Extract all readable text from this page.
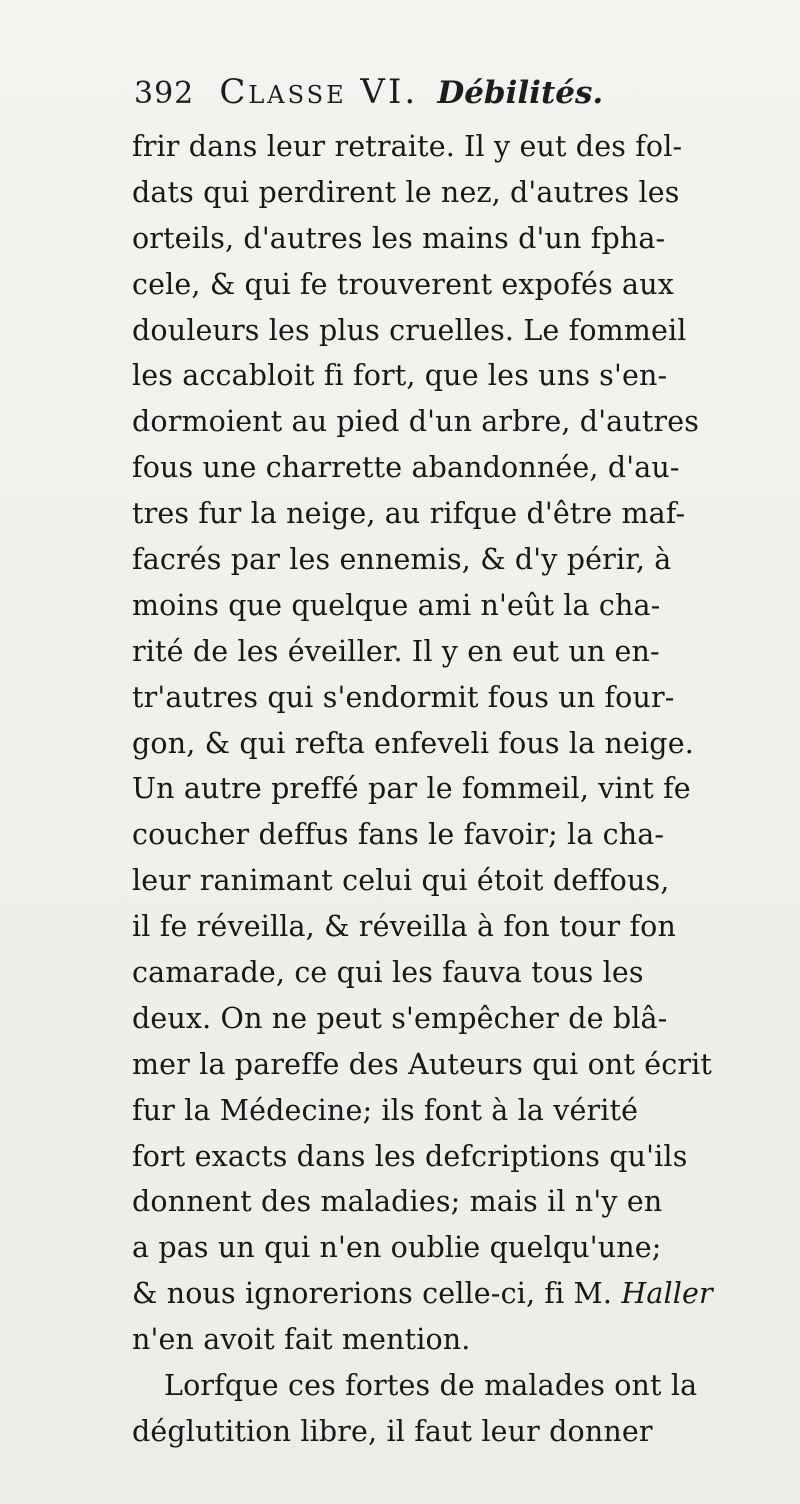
392 Classe VI. Débilités.
frir dans leur retraite. Il y eut des fol-
dats qui perdirent le nez, d'autres les
orteils, d'autres les mains d'un fpha-
cele, & qui fe trouverent expofés aux
douleurs les plus cruelles. Le fommeil
les accabloit fi fort, que les uns s'en-
dormoient au pied d'un arbre, d'autres
fous une charrette abandonnée, d'au-
tres fur la neige, au rifque d'être maf-
facrés par les ennemis, & d'y périr, à
moins que quelque ami n'eût la cha-
rité de les éveiller. Il y en eut un en-
tr'autres qui s'endormit fous un four-
gon, & qui refta enfeveli fous la neige.
Un autre preffé par le fommeil, vint fe
coucher deffus fans le favoir; la cha-
leur ranimant celui qui étoit deffous,
il fe réveilla, & réveilla à fon tour fon
camarade, ce qui les fauva tous les
deux. On ne peut s'empêcher de blâ-
mer la pareffe des Auteurs qui ont écrit
fur la Médecine; ils font à la vérité
fort exacts dans les defcriptions qu'ils
donnent des maladies; mais il n'y en
a pas un qui n'en oublie quelqu'une;
& nous ignorerions celle-ci, fi M. Haller
n'en avoit fait mention.
Lorfque ces fortes de malades ont la
déglutition libre, il faut leur donner
